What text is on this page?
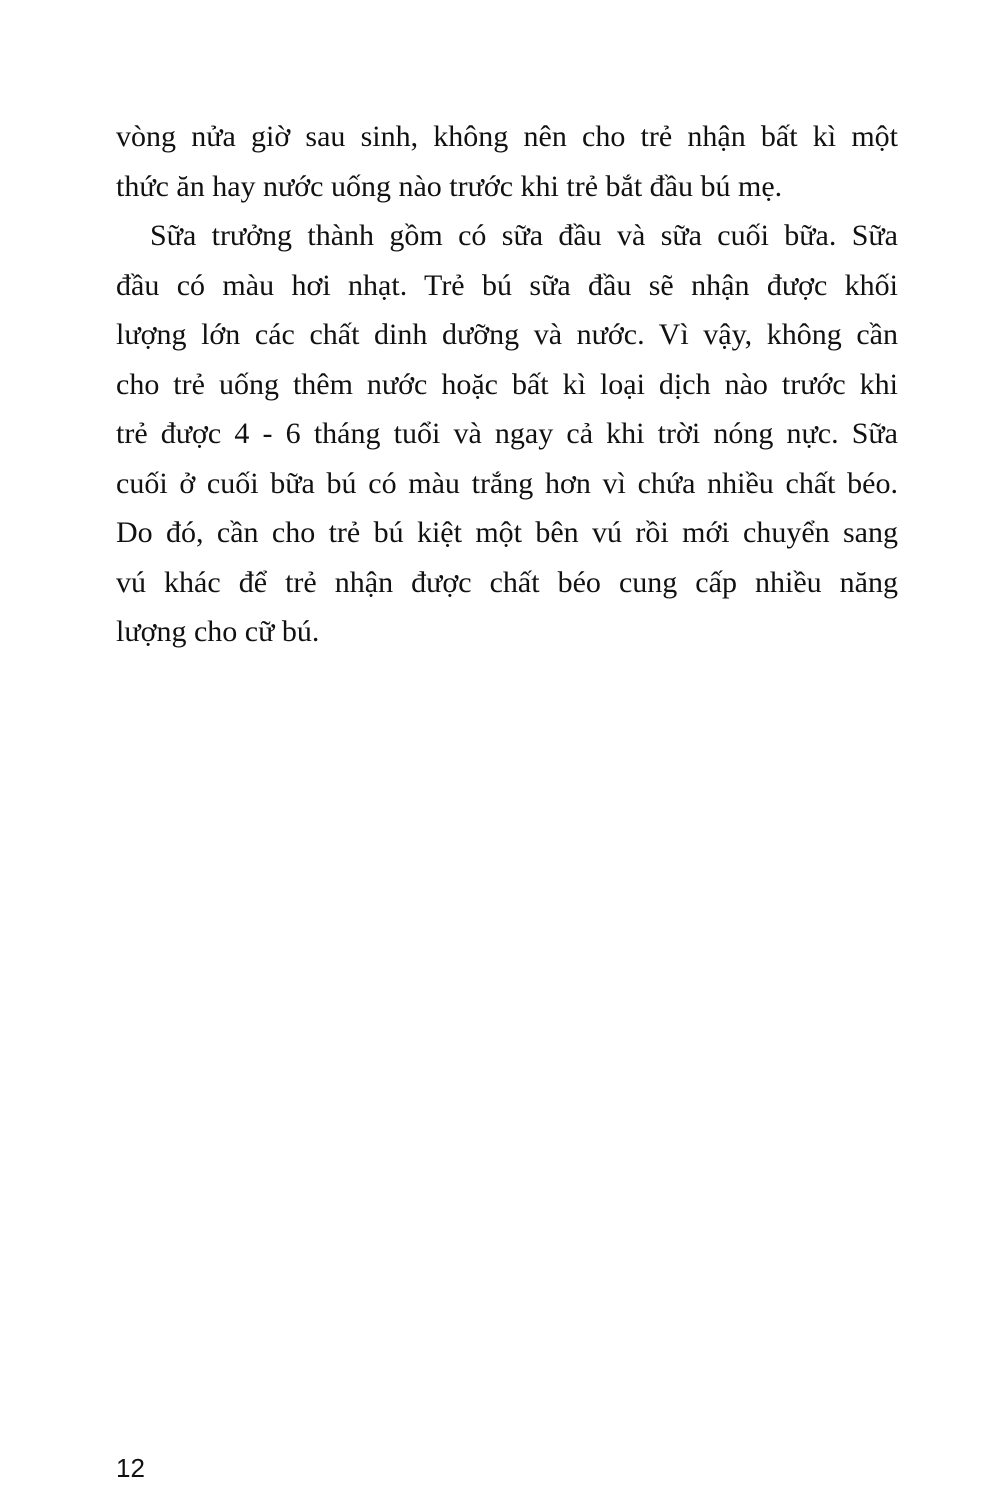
vòng nửa giờ sau sinh, không nên cho trẻ nhận bất kì một
thức ăn hay nước uống nào trước khi trẻ bắt đầu bú mẹ.
Sữa trưởng thành gồm có sữa đầu và sữa cuối bữa. Sữa
đầu có màu hơi nhạt. Trẻ bú sữa đầu sẽ nhận được khối
lượng lớn các chất dinh dưỡng và nước. Vì vậy, không cần
cho trẻ uống thêm nước hoặc bất kì loại dịch nào trước khi
trẻ được 4 - 6 tháng tuổi và ngay cả khi trời nóng nực. Sữa
cuối ở cuối bữa bú có màu trắng hơn vì chứa nhiều chất béo.
Do đó, cần cho trẻ bú kiệt một bên vú rồi mới chuyển sang
vú khác để trẻ nhận được chất béo cung cấp nhiều năng
lượng cho cữ bú.
12
